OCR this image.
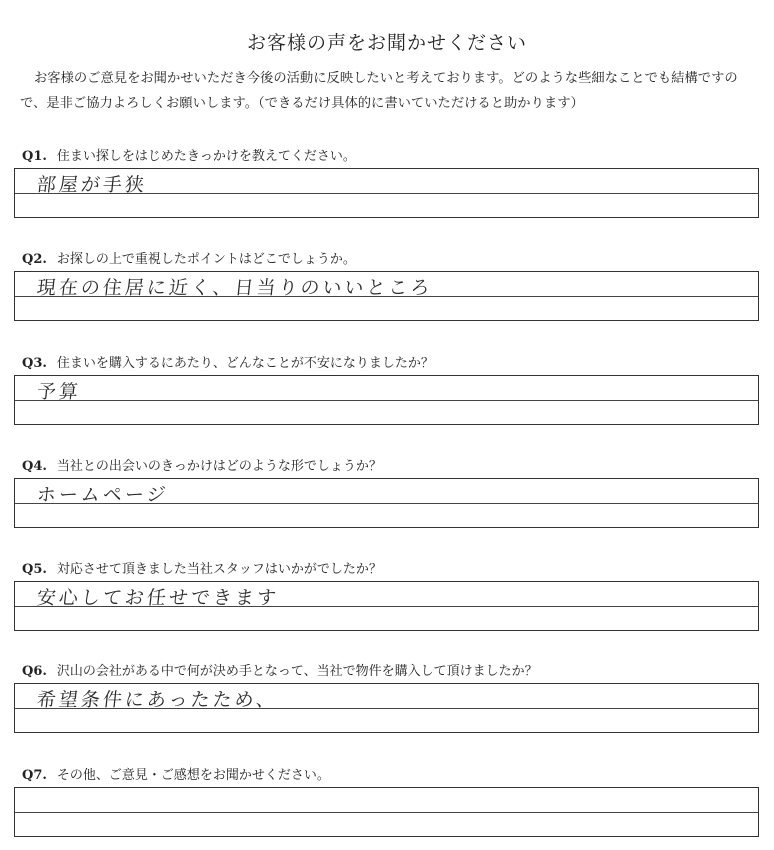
お客様の声をお聞かせください

お客様のご意見をお聞かせいただき今後の活動に反映したいと考えております。どのような些細なことでも結構ですので、是非ご協力よろしくお願いします。（できるだけ具体的に書いていただけると助かります）

Q1. 住まい探しをはじめたきっかけを教えてください。
部屋が手狭
Q2. お探しの上で重視したポイントはどこでしょうか。
現在の住居に近く、日当りのいいところ
Q3. 住まいを購入するにあたり、どんなことが不安になりましたか？
予算
Q4. 当社との出会いのきっかけはどのような形でしょうか？
ホームページ
Q5. 対応させて頂きました当社スタッフはいかがでしたか？
安心してお任せできます
Q6. 沢山の会社がある中で何が決め手となって、当社で物件を購入して頂けましたか？
希望条件にあったため、
Q7. その他、ご意見・ご感想をお聞かせください。
